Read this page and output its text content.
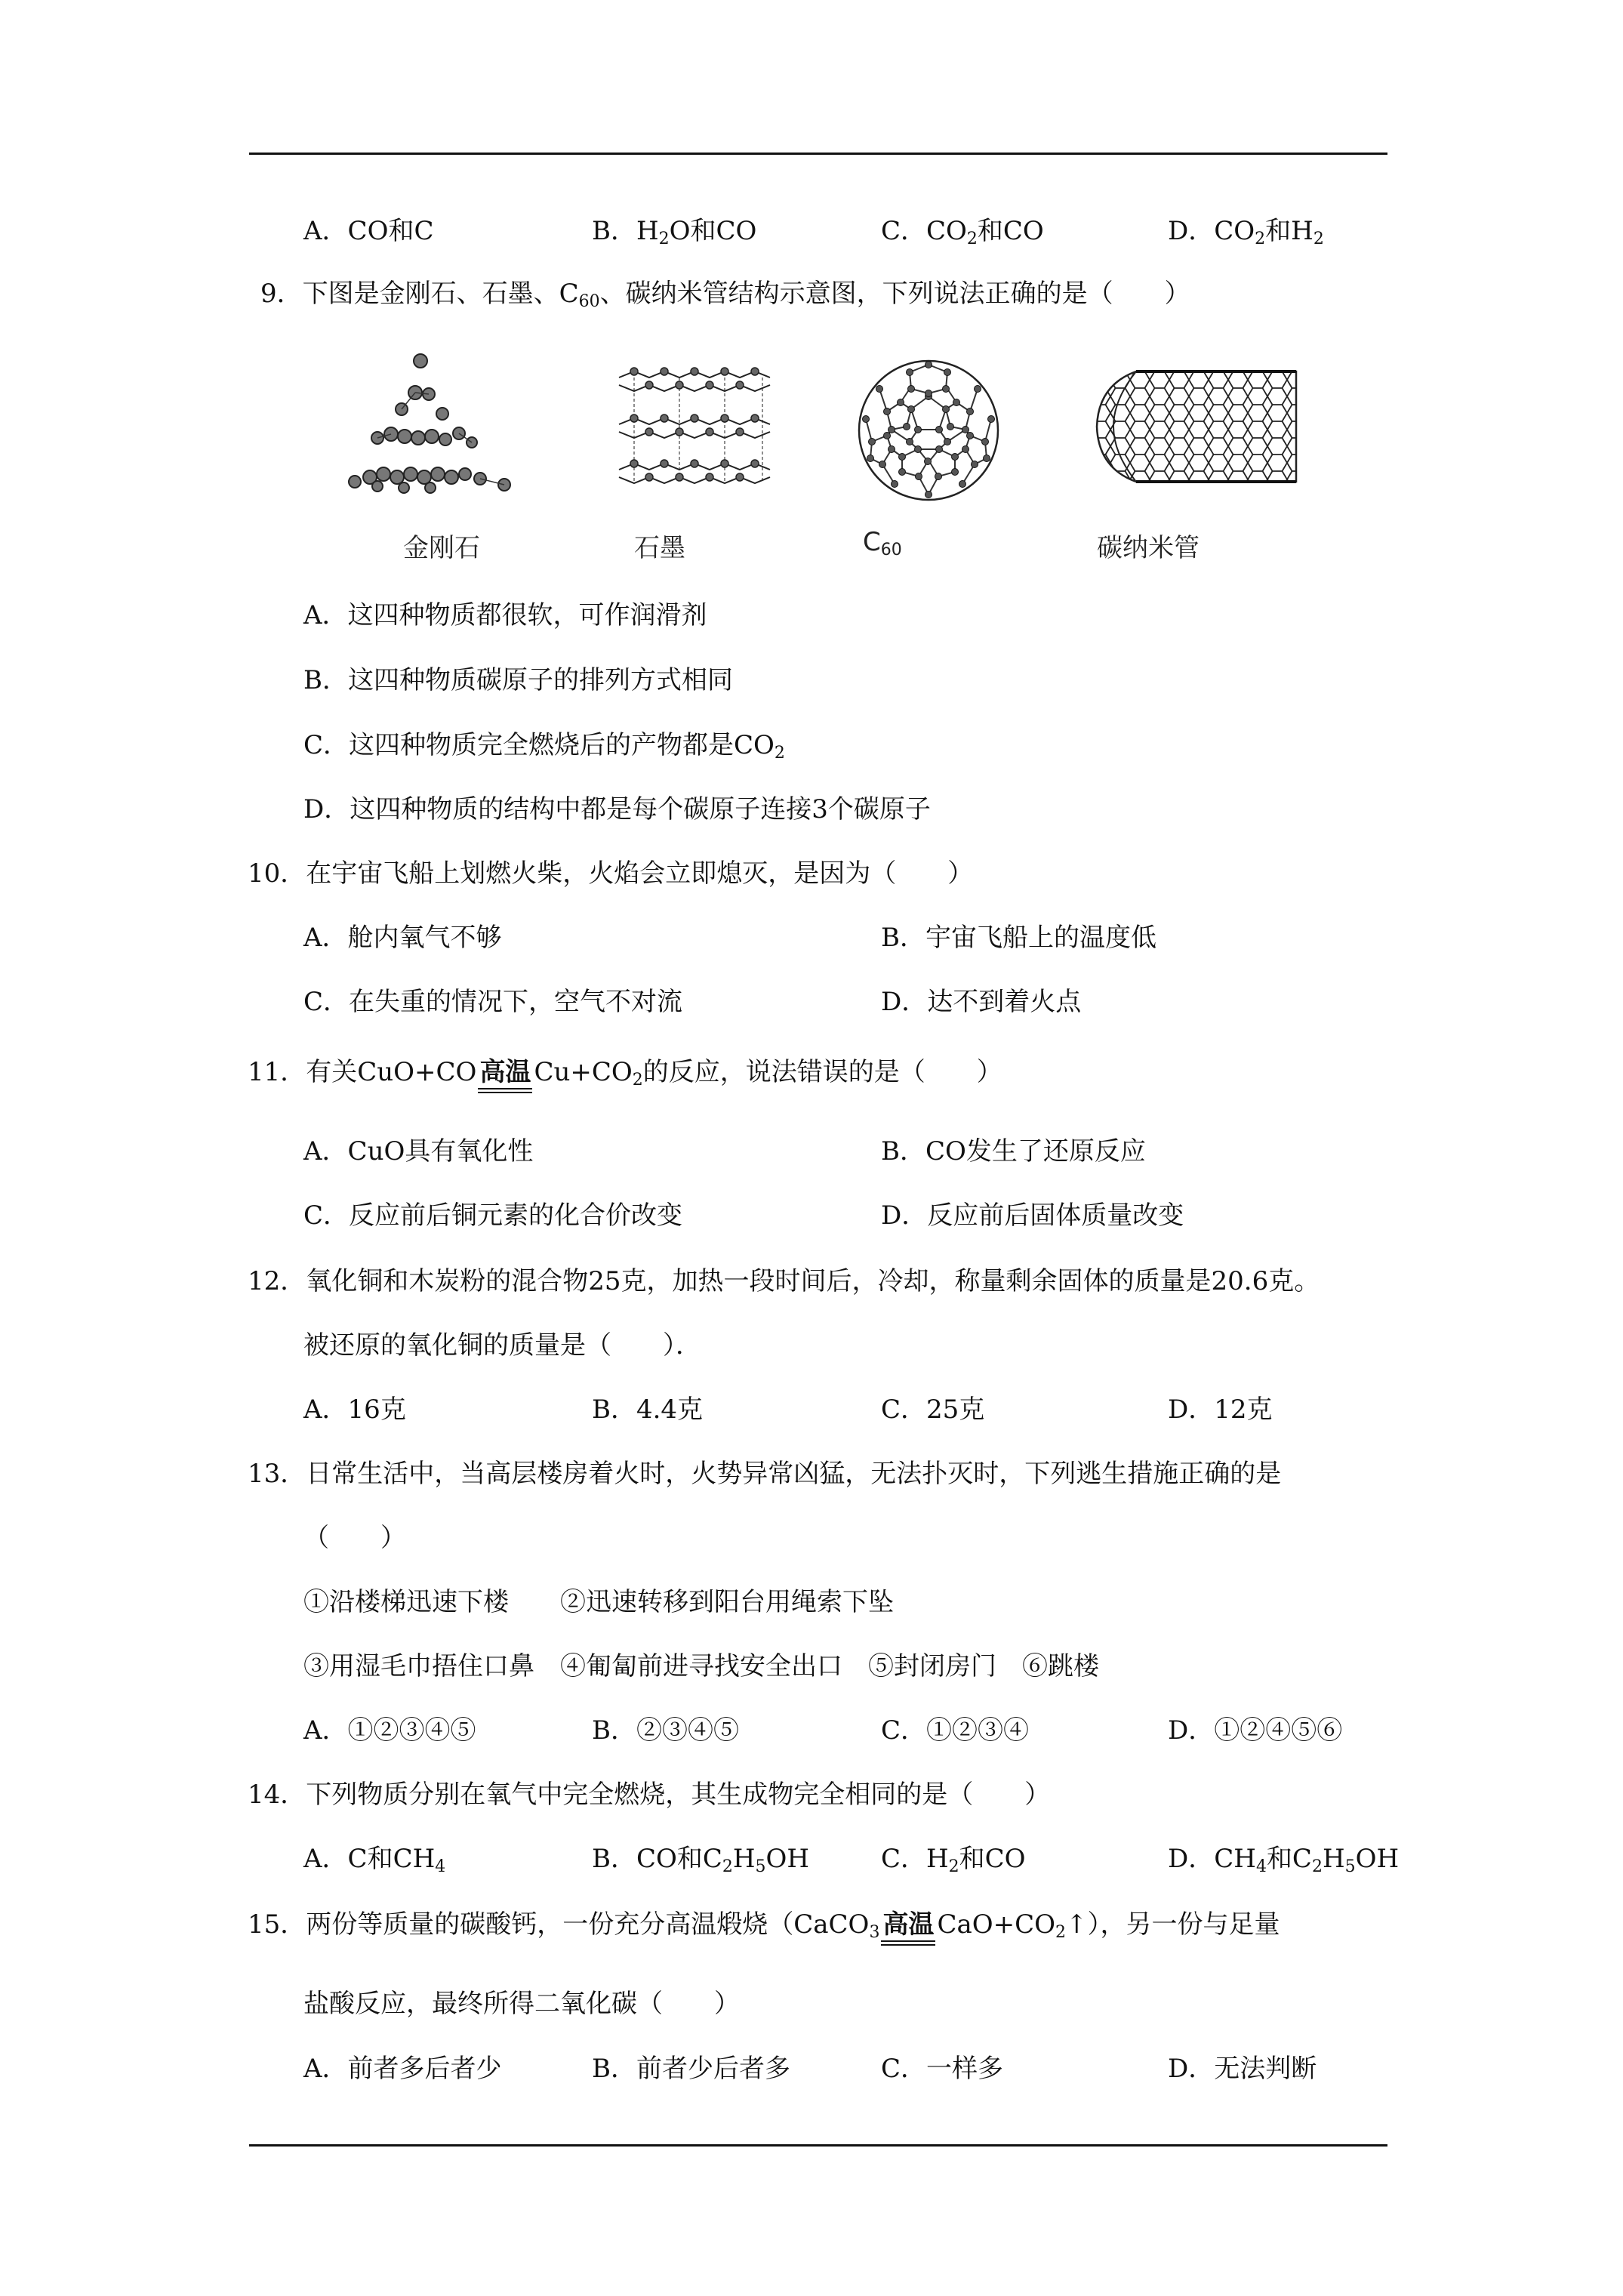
A．CO和C	B．$H_2O$和CO	C．$CO_2$和CO	D．$CO_2$和$H_2$
9．下图是金刚石、石墨、$C_{60}$、碳纳米管结构示意图，下列说法正确的是（　　）
金刚石	石墨	$C_{60}$	碳纳米管
A．这四种物质都很软，可作润滑剂
B．这四种物质碳原子的排列方式相同
C．这四种物质完全燃烧后的产物都是$CO_2$
D．这四种物质的结构中都是每个碳原子连接3个碳原子
10．在宇宙飞船上划燃火柴，火焰会立即熄灭，是因为（　　）
A．舱内氧气不够	B．宇宙飞船上的温度低
C．在失重的情况下，空气不对流	D．达不到着火点
11．有关CuO+CO 高温 $Cu+CO_2$的反应，说法错误的是（　　）
A．CuO具有氧化性	B．CO发生了还原反应
C．反应前后铜元素的化合价改变	D．反应前后固体质量改变
12．氧化铜和木炭粉的混合物25克，加热一段时间后，冷却，称量剩余固体的质量是20.6克。
被还原的氧化铜的质量是（　　）．
A．16克	B．4.4克	C．25克	D．12克
13．日常生活中，当高层楼房着火时，火势异常凶猛，无法扑灭时，下列逃生措施正确的是
（　　）
①沿楼梯迅速下楼　　②迅速转移到阳台用绳索下坠
③用湿毛巾捂住口鼻　④匍匐前进寻找安全出口　⑤封闭房门　⑥跳楼
A．①②③④⑤	B．②③④⑤	C．①②③④	D．①②④⑤⑥
14．下列物质分别在氧气中完全燃烧，其生成物完全相同的是（　　）
A．C和$CH_4$	B．CO和$C_2H_5OH$	C．$H_2$和CO	D．$CH_4$和$C_2H_5OH$
15．两份等质量的碳酸钙，一份充分高温煅烧（CaCO$_3$ 高温 $CaO+CO_2↑$），另一份与足量
盐酸反应，最终所得二氧化碳（　　）
A．前者多后者少	B．前者少后者多	C．一样多	D．无法判断
